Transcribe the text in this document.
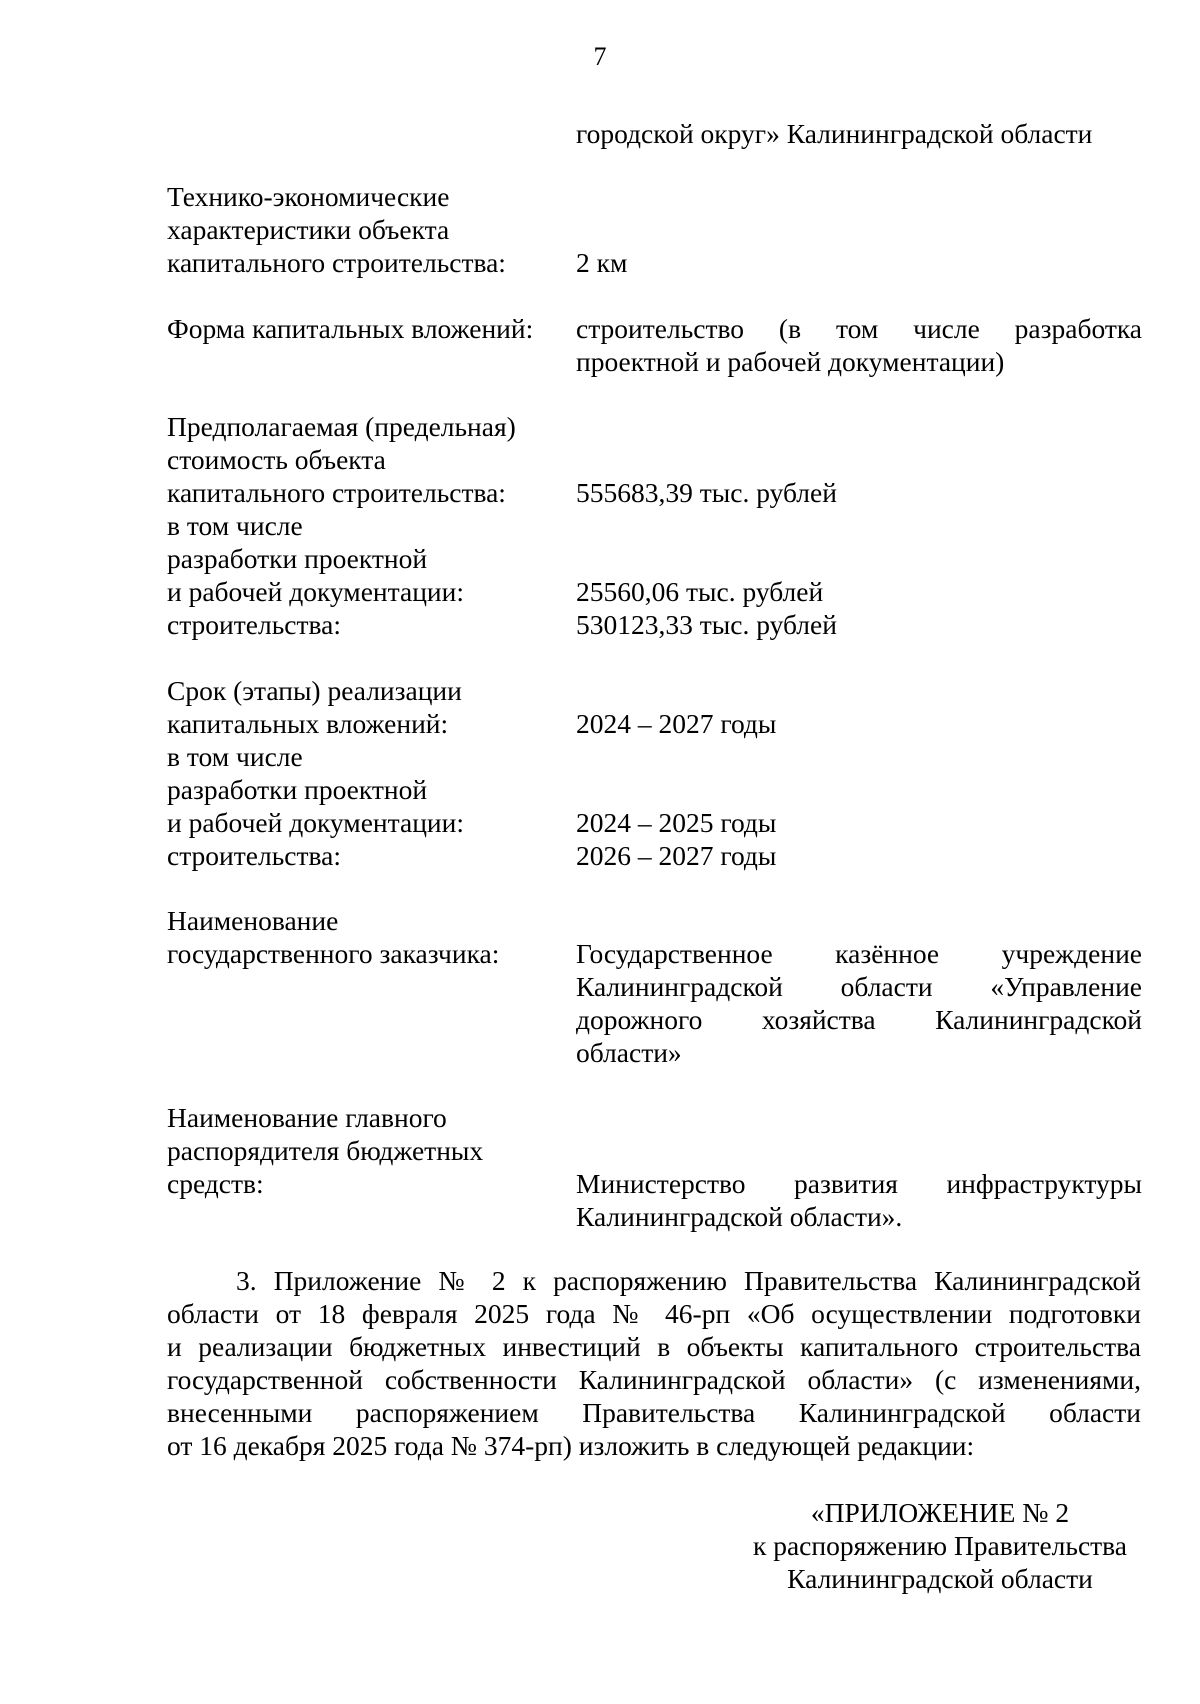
7
городской округ» Калининградской области
Технико-экономические
характеристики объекта
капитального строительства:	2 км
Форма капитальных вложений: строительство (в том числе разработка
проектной и рабочей документации)
Предполагаемая (предельная)
стоимость объекта
капитального строительства:	555683,39 тыс. рублей
в том числе
разработки проектной
и рабочей документации:	25560,06 тыс. рублей
строительства:	530123,33 тыс. рублей
Срок (этапы) реализации
капитальных вложений:	2024 – 2027 годы
в том числе
разработки проектной
и рабочей документации:	2024 – 2025 годы
строительства:	2026 – 2027 годы
Наименование
государственного заказчика:	Государственное казённое учреждение
Калининградской области «Управление
дорожного хозяйства Калининградской
области»
Наименование главного
распорядителя бюджетных
средств:	Министерство развития инфраструктуры
Калининградской области».
3. Приложение № 2 к распоряжению Правительства Калининградской
области от 18 февраля 2025 года № 46-рп «Об осуществлении подготовки
и реализации бюджетных инвестиций в объекты капитального строительства
государственной собственности Калининградской области» (с изменениями,
внесенными распоряжением Правительства Калининградской области
от 16 декабря 2025 года № 374-рп) изложить в следующей редакции:
«ПРИЛОЖЕНИЕ № 2
к распоряжению Правительства
Калининградской области
